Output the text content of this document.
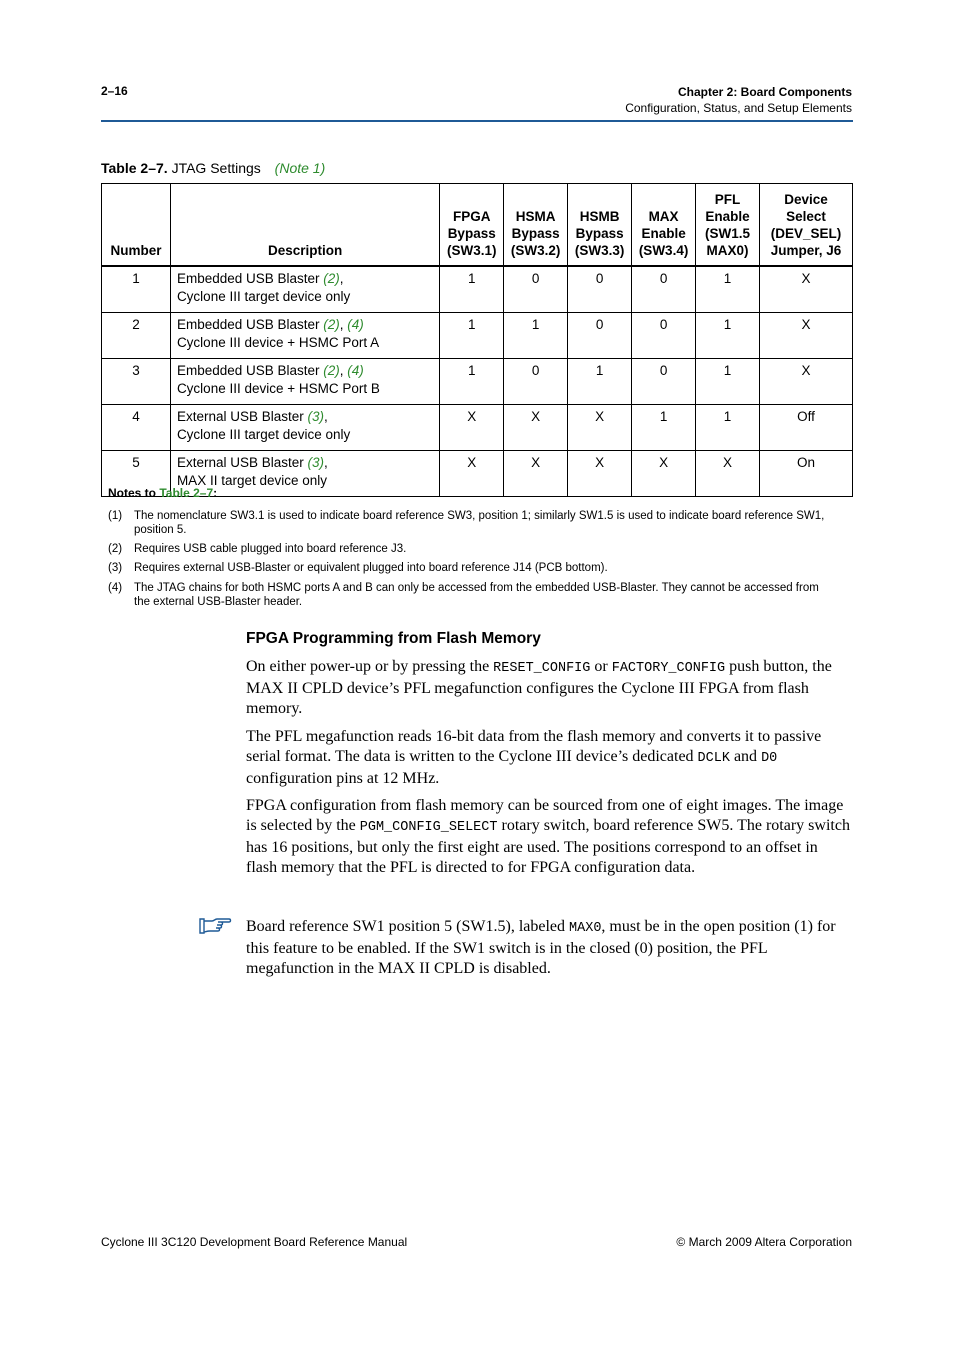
2–16	Chapter 2: Board Components
Configuration, Status, and Setup Elements
Table 2–7. JTAG Settings (Note 1)
Number	Description	FPGA
Bypass
(SW3.1)	HSMA
Bypass
(SW3.2)	HSMB
Bypass
(SW3.3)	MAX
Enable
(SW3.4)	PFL
Enable
(SW1.5
MAX0)	Device
Select
(DEV_SEL)
Jumper, J6
1	Embedded USB Blaster (2),
Cyclone III target device only	1	0	0	0	1	X
2	Embedded USB Blaster (2), (4)
Cyclone III device + HSMC Port A	1	1	0	0	1	X
3	Embedded USB Blaster (2), (4)
Cyclone III device + HSMC Port B	1	0	1	0	1	X
4	External USB Blaster (3),
Cyclone III target device only	X	X	X	1	1	Off
5	External USB Blaster (3),
MAX II target device only	X	X	X	X	X	On
Notes to Table 2–7:
(1) The nomenclature SW3.1 is used to indicate board reference SW3, position 1; similarly SW1.5 is used to indicate board reference SW1, position 5.
(2) Requires USB cable plugged into board reference J3.
(3) Requires external USB-Blaster or equivalent plugged into board reference J14 (PCB bottom).
(4) The JTAG chains for both HSMC ports A and B can only be accessed from the embedded USB-Blaster. They cannot be accessed from the external USB-Blaster header.
FPGA Programming from Flash Memory
On either power-up or by pressing the RESET_CONFIG or FACTORY_CONFIG push button, the MAX II CPLD device’s PFL megafunction configures the Cyclone III FPGA from flash memory.
The PFL megafunction reads 16-bit data from the flash memory and converts it to passive serial format. The data is written to the Cyclone III device’s dedicated DCLK and D0 configuration pins at 12 MHz.
FPGA configuration from flash memory can be sourced from one of eight images. The image is selected by the PGM_CONFIG_SELECT rotary switch, board reference SW5. The rotary switch has 16 positions, but only the first eight are used. The positions correspond to an offset in flash memory that the PFL is directed to for FPGA configuration data.
Board reference SW1 position 5 (SW1.5), labeled MAX0, must be in the open position (1) for this feature to be enabled. If the SW1 switch is in the closed (0) position, the PFL megafunction in the MAX II CPLD is disabled.
Cyclone III 3C120 Development Board Reference Manual	© March 2009 Altera Corporation
